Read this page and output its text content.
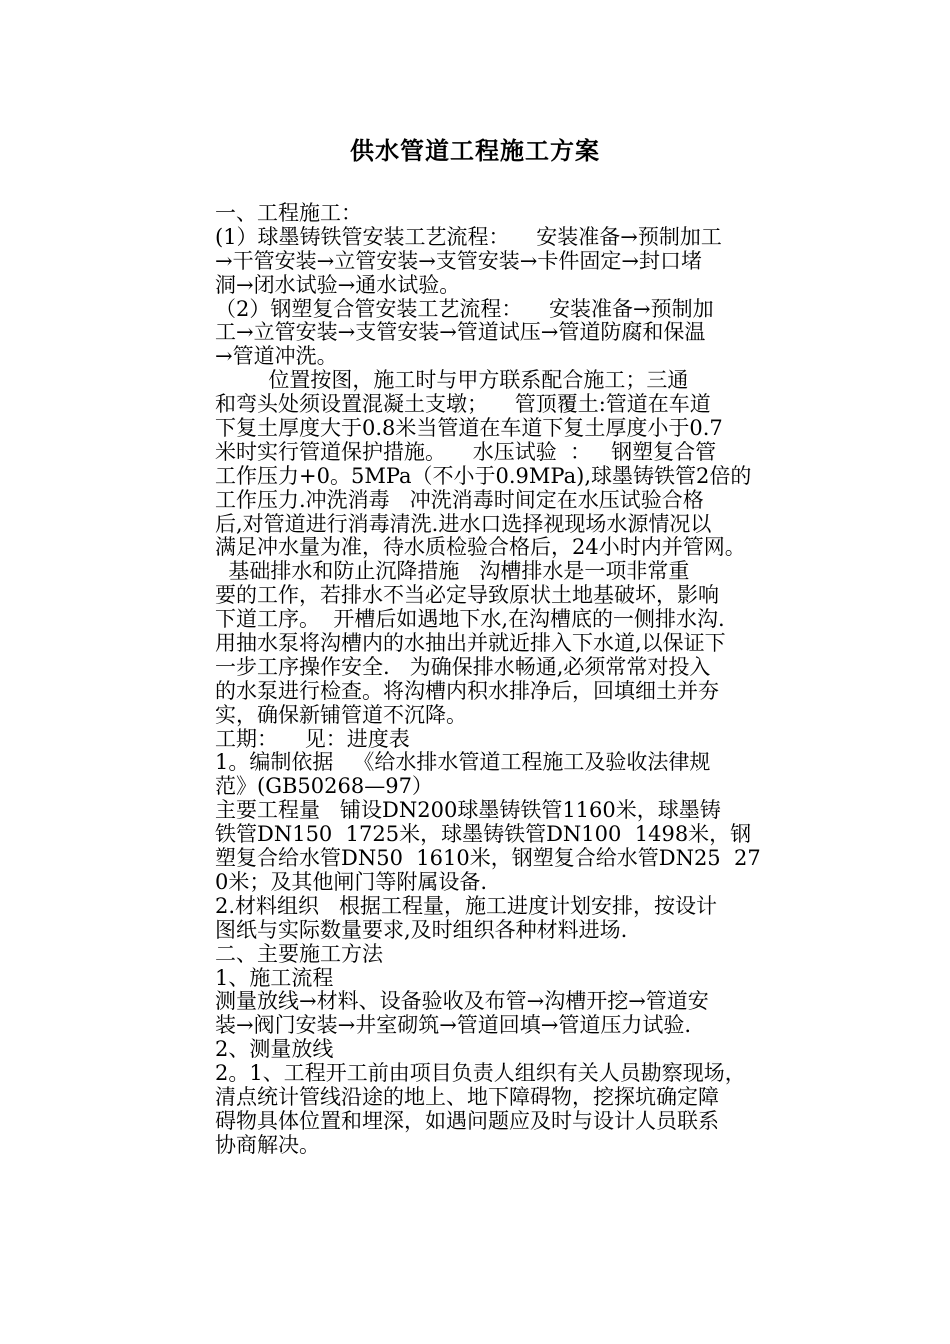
供水管道工程施工方案
一、工程施工：
(1）球墨铸铁管安装工艺流程：    安装准备→预制加工
→干管安装→立管安装→支管安装→卡件固定→封口堵
洞→闭水试验→通水试验。
（2）钢塑复合管安装工艺流程：    安装准备→预制加
工→立管安装→支管安装→管道试压→管道防腐和保温
→管道冲洗。
位置按图，施工时与甲方联系配合施工；三通
和弯头处须设置混凝土支墩；    管顶覆土:管道在车道
下复土厚度大于0.8米当管道在车道下复土厚度小于0.7
米时实行管道保护措施。    水压试验  ：   钢塑复合管
工作压力+0。5MPa（不小于0.9MPa),球墨铸铁管2倍的
工作压力.冲洗消毒   冲洗消毒时间定在水压试验合格
后,对管道进行消毒清洗.进水口选择视现场水源情况以
满足冲水量为准，待水质检验合格后，24小时内并管网。
基础排水和防止沉降措施   沟槽排水是一项非常重
要的工作，若排水不当必定导致原状土地基破坏，影响
下道工序。  开槽后如遇地下水,在沟槽底的一侧排水沟.
用抽水泵将沟槽内的水抽出并就近排入下水道,以保证下
一步工序操作安全.   为确保排水畅通,必须常常对投入
的水泵进行检查。将沟槽内积水排净后，回填细土并夯
实，确保新铺管道不沉降。
工期：    见：进度表
1。编制依据   《给水排水管道工程施工及验收法律规
范》(GB50268—97）
主要工程量   铺设DN200球墨铸铁管1160米，球墨铸
铁管DN150  1725米，球墨铸铁管DN100  1498米，钢
塑复合给水管DN50  1610米，钢塑复合给水管DN25  27
0米；及其他闸门等附属设备.
2.材料组织   根据工程量，施工进度计划安排，按设计
图纸与实际数量要求,及时组织各种材料进场.
二、主要施工方法
1、施工流程
测量放线→材料、设备验收及布管→沟槽开挖→管道安
装→阀门安装→井室砌筑→管道回填→管道压力试验.
2、测量放线
2。1、工程开工前由项目负责人组织有关人员勘察现场，
清点统计管线沿途的地上、地下障碍物，挖探坑确定障
碍物具体位置和埋深，如遇问题应及时与设计人员联系
协商解决。
